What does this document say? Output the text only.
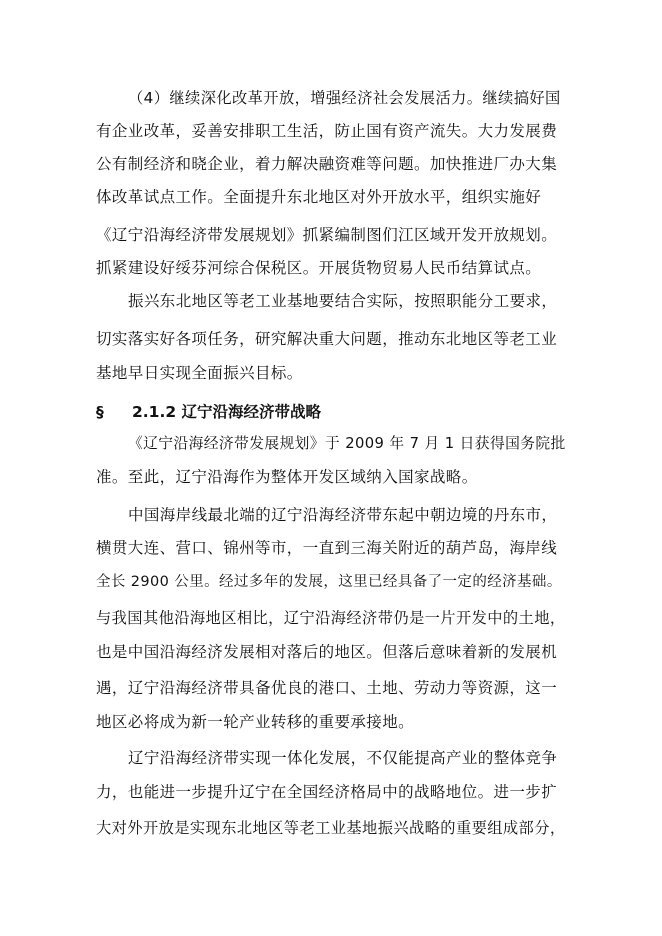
（4）继续深化改革开放，增强经济社会发展活力。继续搞好国
有企业改革，妥善安排职工生活，防止国有资产流失。大力发展费
公有制经济和晓企业，着力解决融资难等问题。加快推进厂办大集
体改革试点工作。全面提升东北地区对外开放水平，组织实施好
《辽宁沿海经济带发展规划》抓紧编制图们江区域开发开放规划。
抓紧建设好绥芬河综合保税区。开展货物贸易人民币结算试点。
振兴东北地区等老工业基地要结合实际，按照职能分工要求，
切实落实好各项任务，研究解决重大问题，推动东北地区等老工业
基地早日实现全面振兴目标。
§ 2.1.2 辽宁沿海经济带战略
《辽宁沿海经济带发展规划》于 2009 年 7 月 1 日获得国务院批
准。至此，辽宁沿海作为整体开发区域纳入国家战略。
中国海岸线最北端的辽宁沿海经济带东起中朝边境的丹东市，
横贯大连、营口、锦州等市，一直到三海关附近的葫芦岛，海岸线
全长 2900 公里。经过多年的发展，这里已经具备了一定的经济基础。
与我国其他沿海地区相比，辽宁沿海经济带仍是一片开发中的土地，
也是中国沿海经济发展相对落后的地区。但落后意味着新的发展机
遇，辽宁沿海经济带具备优良的港口、土地、劳动力等资源，这一
地区必将成为新一轮产业转移的重要承接地。
辽宁沿海经济带实现一体化发展，不仅能提高产业的整体竞争
力，也能进一步提升辽宁在全国经济格局中的战略地位。进一步扩
大对外开放是实现东北地区等老工业基地振兴战略的重要组成部分，
